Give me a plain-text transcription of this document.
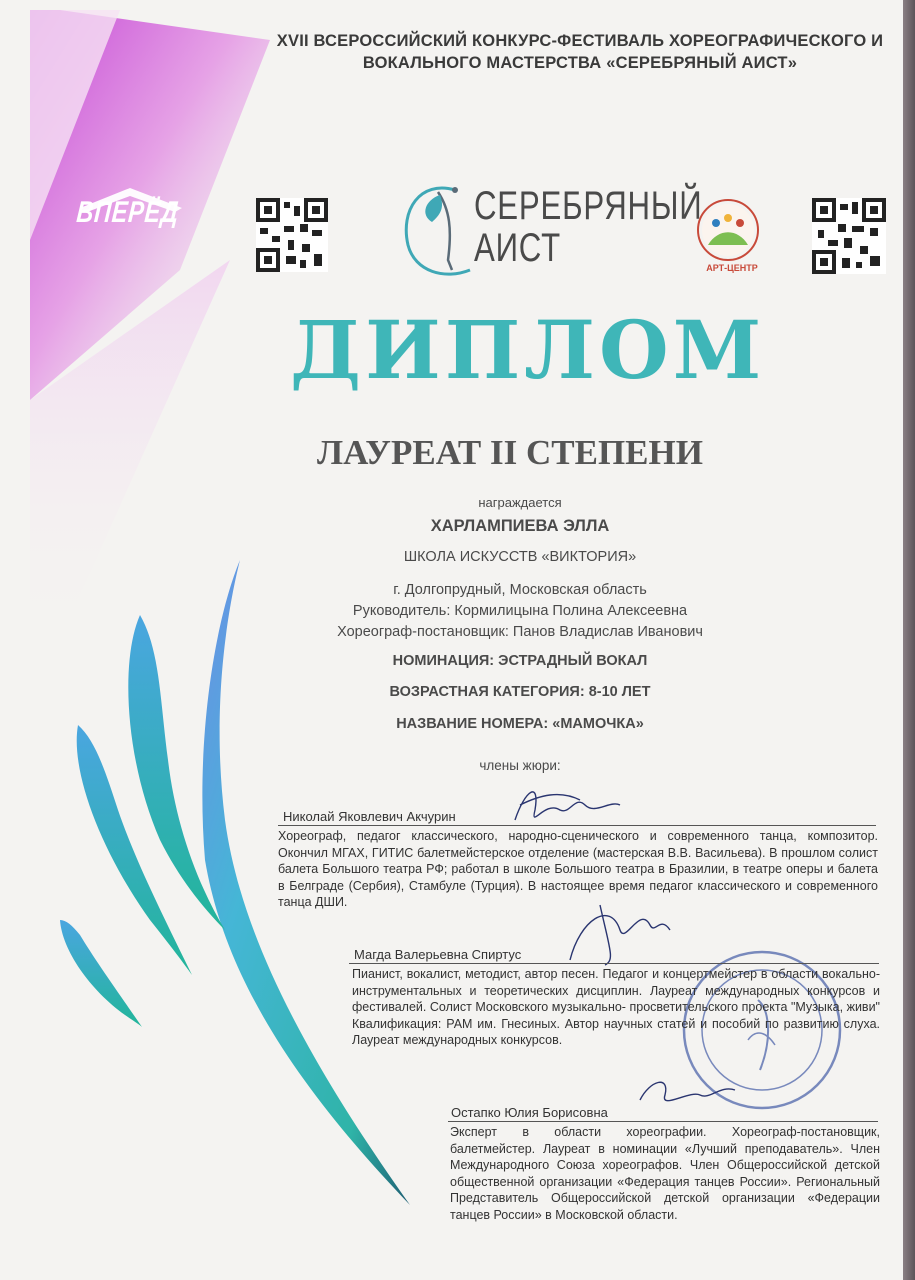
XVII ВСЕРОССИЙСКИЙ КОНКУРС-ФЕСТИВАЛЬ ХОРЕОГРАФИЧЕСКОГО И
ВОКАЛЬНОГО МАСТЕРСТВА «СЕРЕБРЯНЫЙ АИСТ»
ВПЕРЁД	СЕРЕБРЯНЫЙ
АИСТ	АРТ-ЦЕНТР
ДИПЛОМ
ЛАУРЕАТ II СТЕПЕНИ
награждается
ХАРЛАМПИЕВА ЭЛЛА
ШКОЛА ИСКУССТВ «ВИКТОРИЯ»
г. Долгопрудный, Московская область
Руководитель: Кормилицына Полина Алексеевна
Хореограф-постановщик: Панов Владислав Иванович
НОМИНАЦИЯ: ЭСТРАДНЫЙ ВОКАЛ
ВОЗРАСТНАЯ КАТЕГОРИЯ: 8-10 ЛЕТ
НАЗВАНИЕ НОМЕРА: «МАМОЧКА»
члены жюри:
Николай Яковлевич Акчурин
Хореограф, педагог классического, народно-сценического и современного танца, композитор. Окончил МГАХ, ГИТИС балетмейстерское отделение (мастерская В.В. Васильева). В прошлом солист балета Большого театра РФ; работал в школе Большого театра в Бразилии, в театре оперы и балета в Белграде (Сербия), Стамбуле (Турция). В настоящее время педагог классического и современного танца ДШИ.
Магда Валерьевна Спиртус
Пианист, вокалист, методист, автор песен. Педагог и концертмейстер в области вокально-инструментальных и теоретических дисциплин. Лауреат международных конкурсов и фестивалей. Солист Московского музыкально- просветительского проекта "Музыка, живи" Квалификация: РАМ им. Гнесиных. Автор научных статей и пособий по развитию слуха. Лауреат международных конкурсов.
Остапко Юлия Борисовна
Эксперт в области хореографии. Хореограф-постановщик, балетмейстер. Лауреат в номинации «Лучший преподаватель». Член Международного Союза хореографов. Член Общероссийской детской общественной организации «Федерация танцев России». Региональный Представитель Общероссийской детской организации «Федерации танцев России» в Московской области.
